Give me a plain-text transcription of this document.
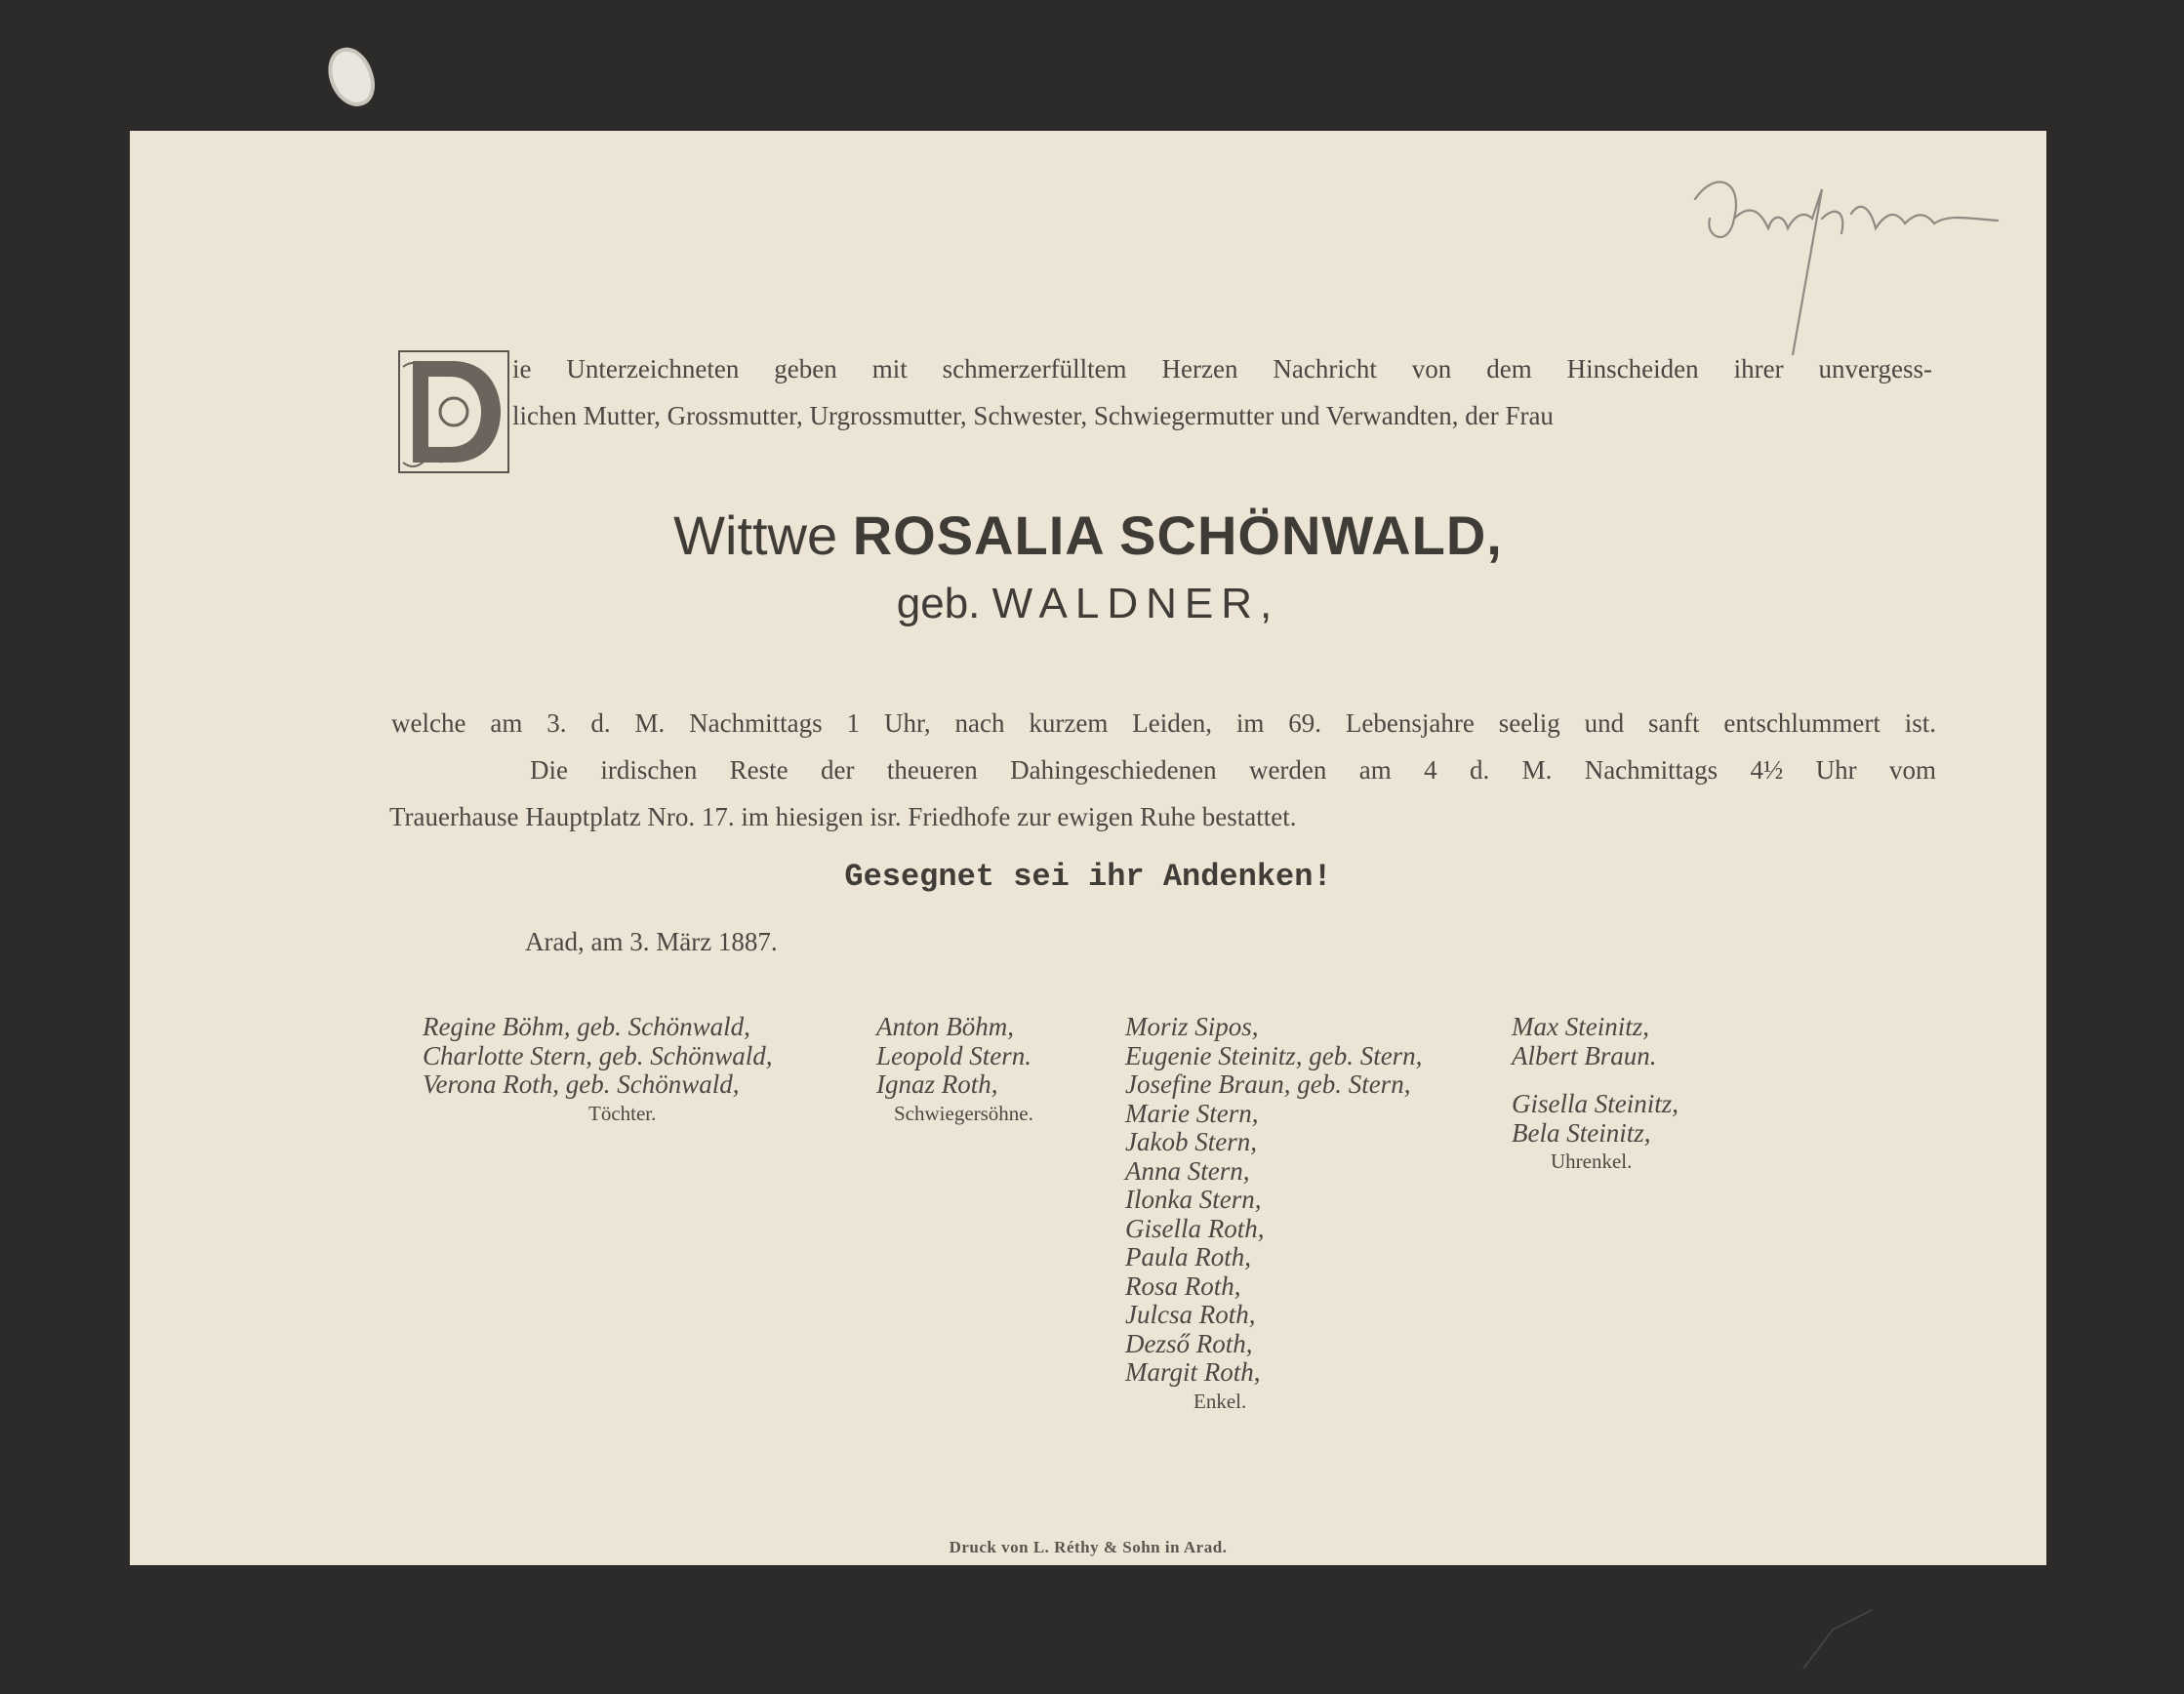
ie Unterzeichneten geben mit schmerzerfülltem Herzen Nachricht von dem Hinscheiden ihrer unvergess-
lichen Mutter, Grossmutter, Urgrossmutter, Schwester, Schwiegermutter und Verwandten, der Frau
Wittwe ROSALIA SCHÖNWALD,
geb. WALDNER,
welche am 3. d. M. Nachmittags 1 Uhr, nach kurzem Leiden, im 69. Lebensjahre seelig und sanft entschlummert ist.
Die irdischen Reste der theueren Dahingeschiedenen werden am 4 d. M. Nachmittags 4½ Uhr vom
Trauerhause Hauptplatz Nro. 17. im hiesigen isr. Friedhofe zur ewigen Ruhe bestattet.
Gesegnet sei ihr Andenken!
Arad, am 3. März 1887.
Regine Böhm, geb. Schönwald,
Charlotte Stern, geb. Schönwald,
Verona Roth, geb. Schönwald,
Töchter.
Anton Böhm,
Leopold Stern.
Ignaz Roth,
Schwiegersöhne.
Moriz Sipos,
Eugenie Steinitz, geb. Stern,
Josefine Braun, geb. Stern,
Marie Stern,
Jakob Stern,
Anna Stern,
Ilonka Stern,
Gisella Roth,
Paula Roth,
Rosa Roth,
Julcsa Roth,
Dezső Roth,
Margit Roth,
Enkel.
Max Steinitz,
Albert Braun.
Gisella Steinitz,
Bela Steinitz,
Uhrenkel.
Druck von L. Réthy & Sohn in Arad.
